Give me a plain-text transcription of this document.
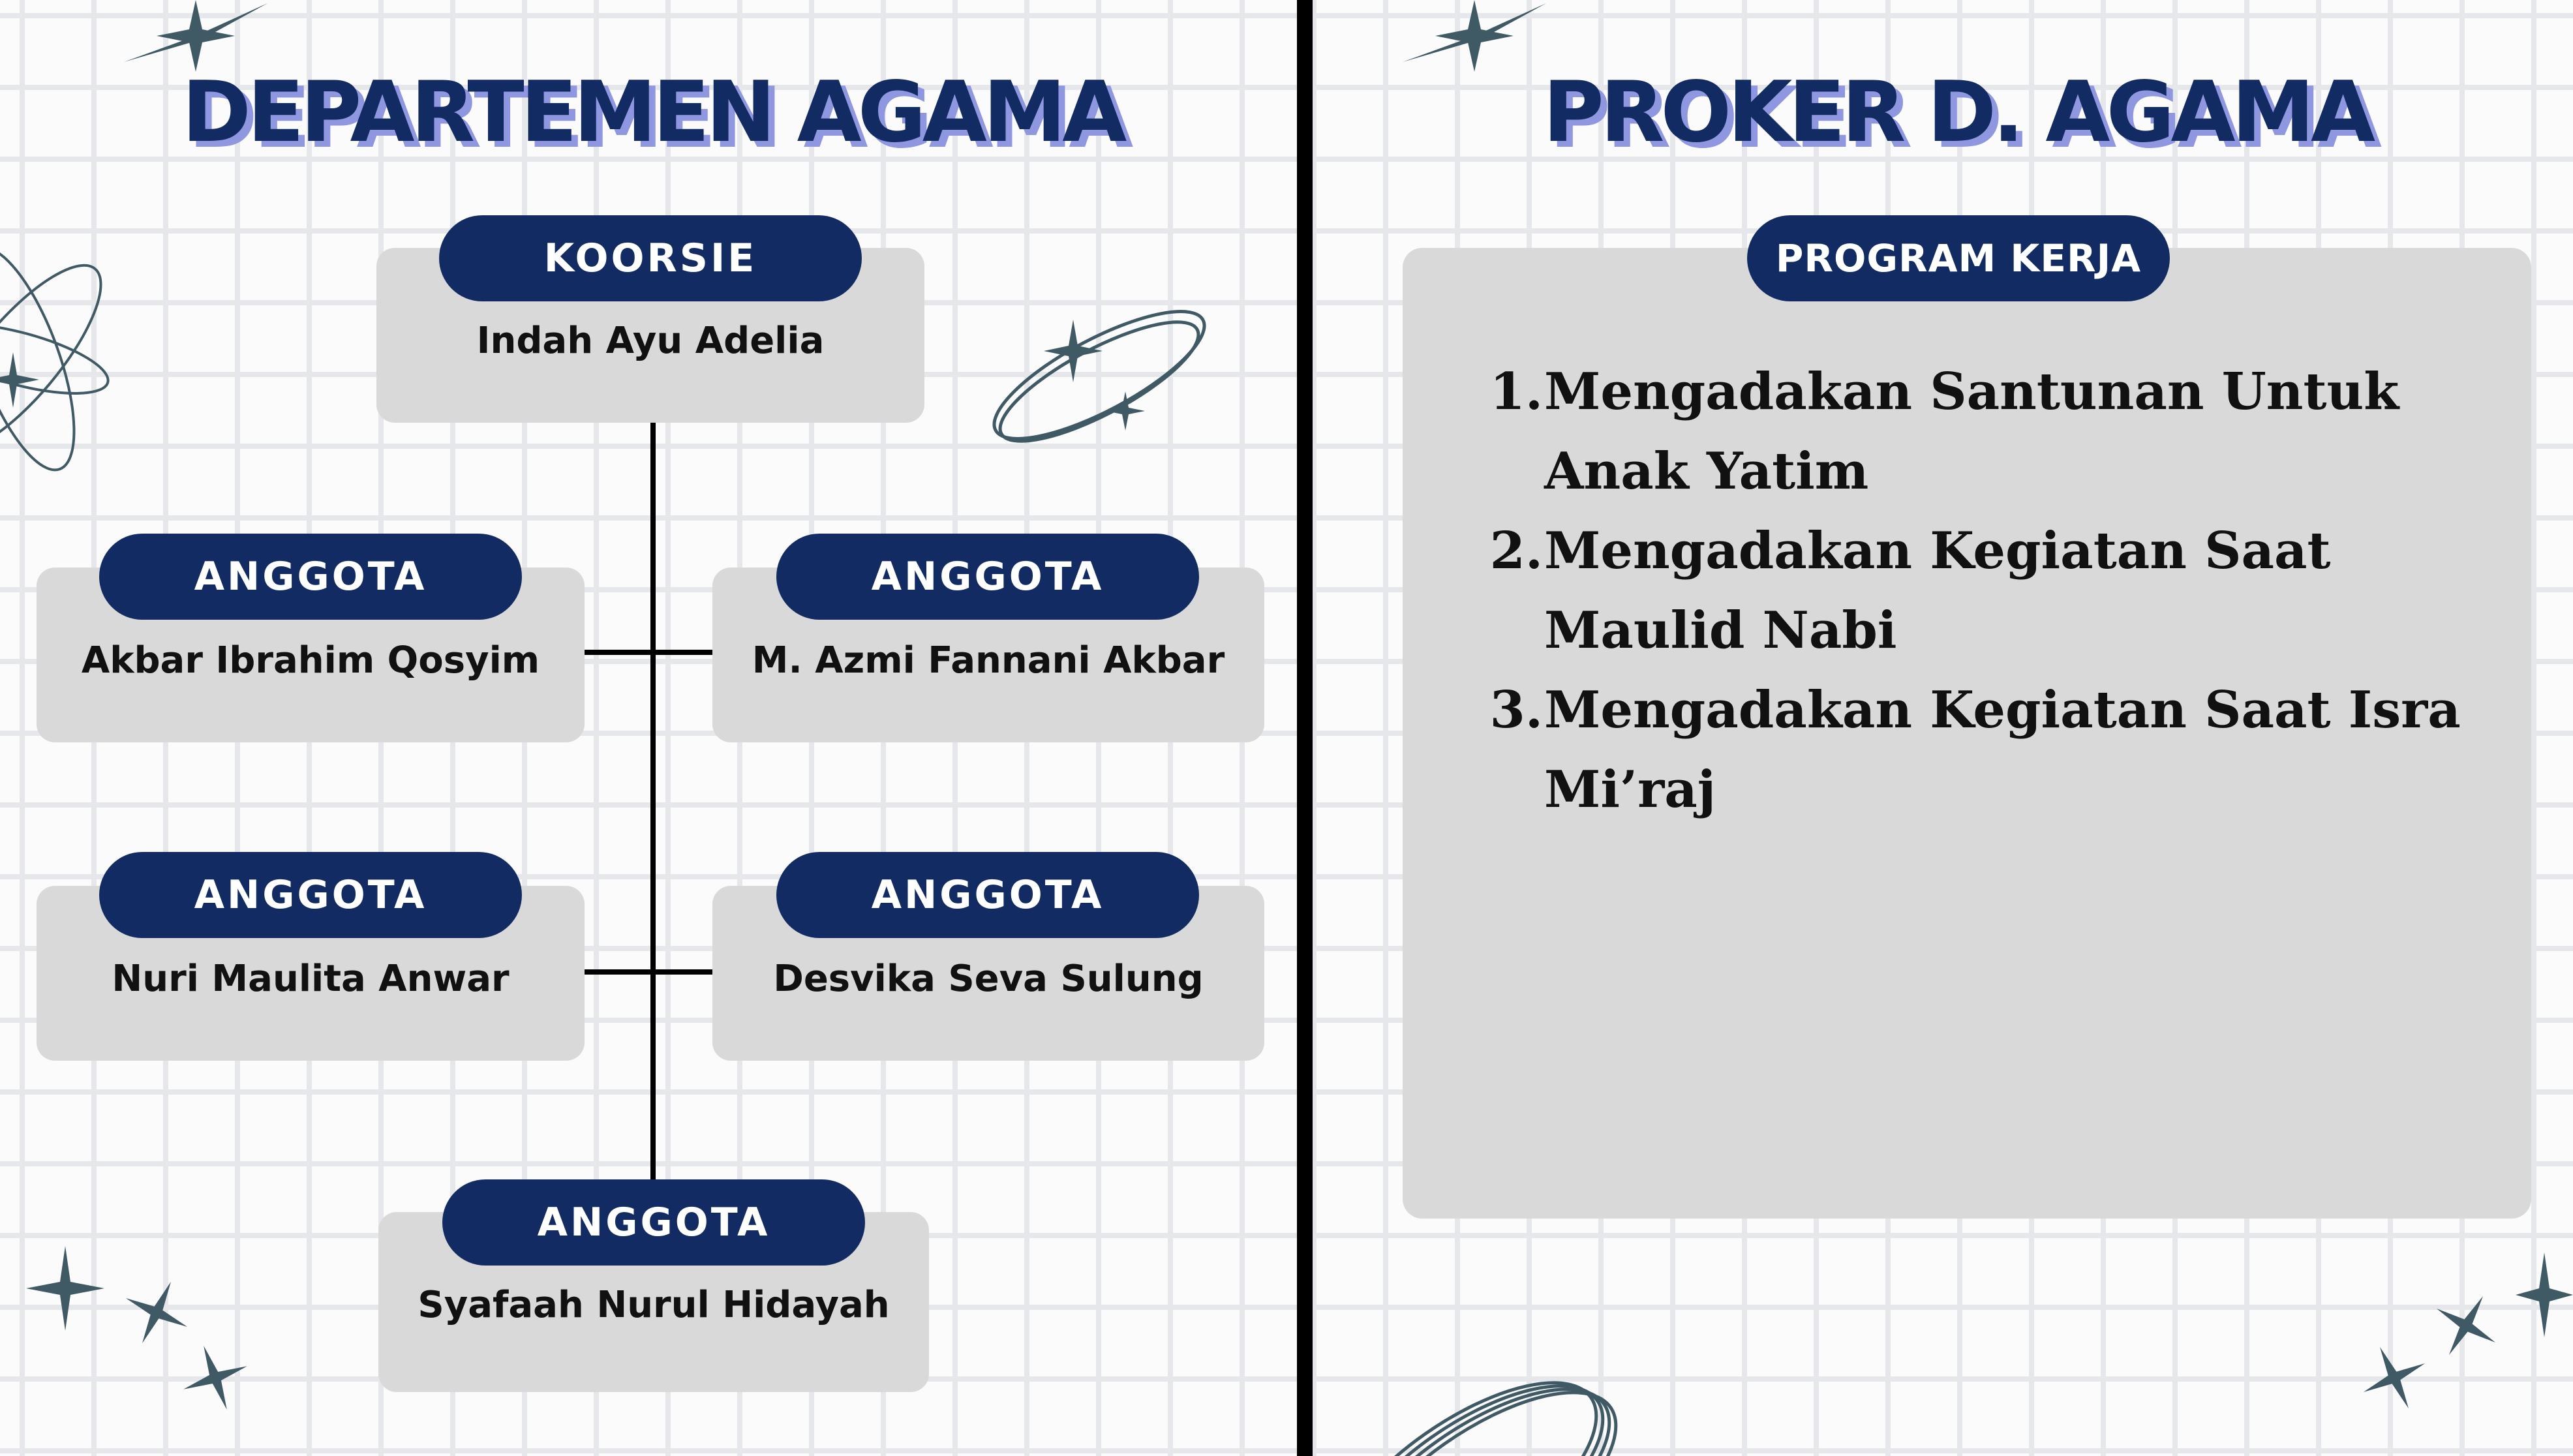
DEPARTEMEN AGAMA
Indah Ayu Adelia
KOORSIE
Akbar Ibrahim Qosyim
ANGGOTA
M. Azmi Fannani Akbar
ANGGOTA
Nuri Maulita Anwar
ANGGOTA
Desvika Seva Sulung
ANGGOTA
Syafaah Nurul Hidayah
ANGGOTA
PROKER D. AGAMA
PROGRAM KERJA
1. Mengadakan Santunan Untuk Anak Yatim
2. Mengadakan Kegiatan Saat Maulid Nabi
3. Mengadakan Kegiatan Saat Isra Mi’raj
